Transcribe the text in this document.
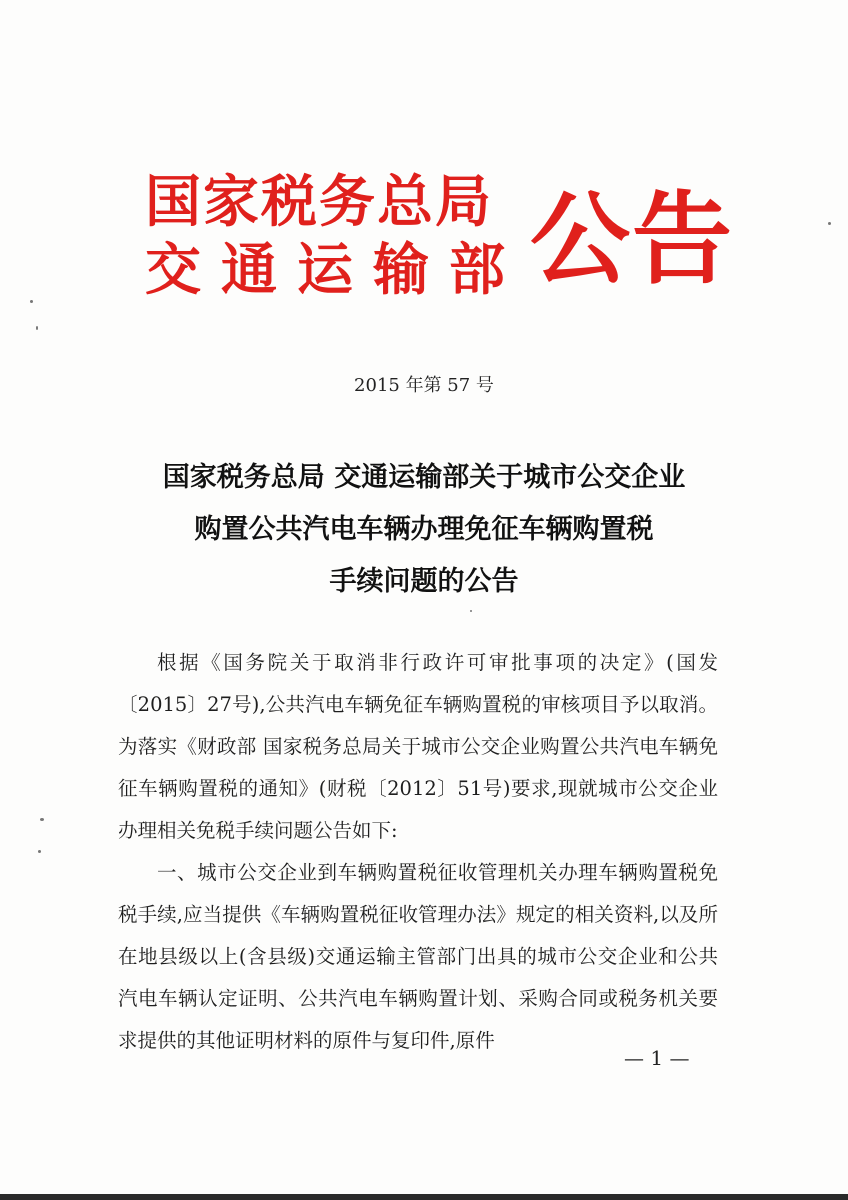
国家税务总局
交通运输部 公告
2015 年第 57 号
国家税务总局 交通运输部关于城市公交企业
购置公共汽电车辆办理免征车辆购置税
手续问题的公告

根据《国务院关于取消非行政许可审批事项的决定》(国发〔2015〕27号),公共汽电车辆免征车辆购置税的审核项目予以取消。为落实《财政部 国家税务总局关于城市公交企业购置公共汽电车辆免征车辆购置税的通知》(财税〔2012〕51号)要求,现就城市公交企业办理相关免税手续问题公告如下:

一、城市公交企业到车辆购置税征收管理机关办理车辆购置税免税手续,应当提供《车辆购置税征收管理办法》规定的相关资料,以及所在地县级以上(含县级)交通运输主管部门出具的城市公交企业和公共汽电车辆认定证明、公共汽电车辆购置计划、采购合同或税务机关要求提供的其他证明材料的原件与复印件,原件

— 1 —
